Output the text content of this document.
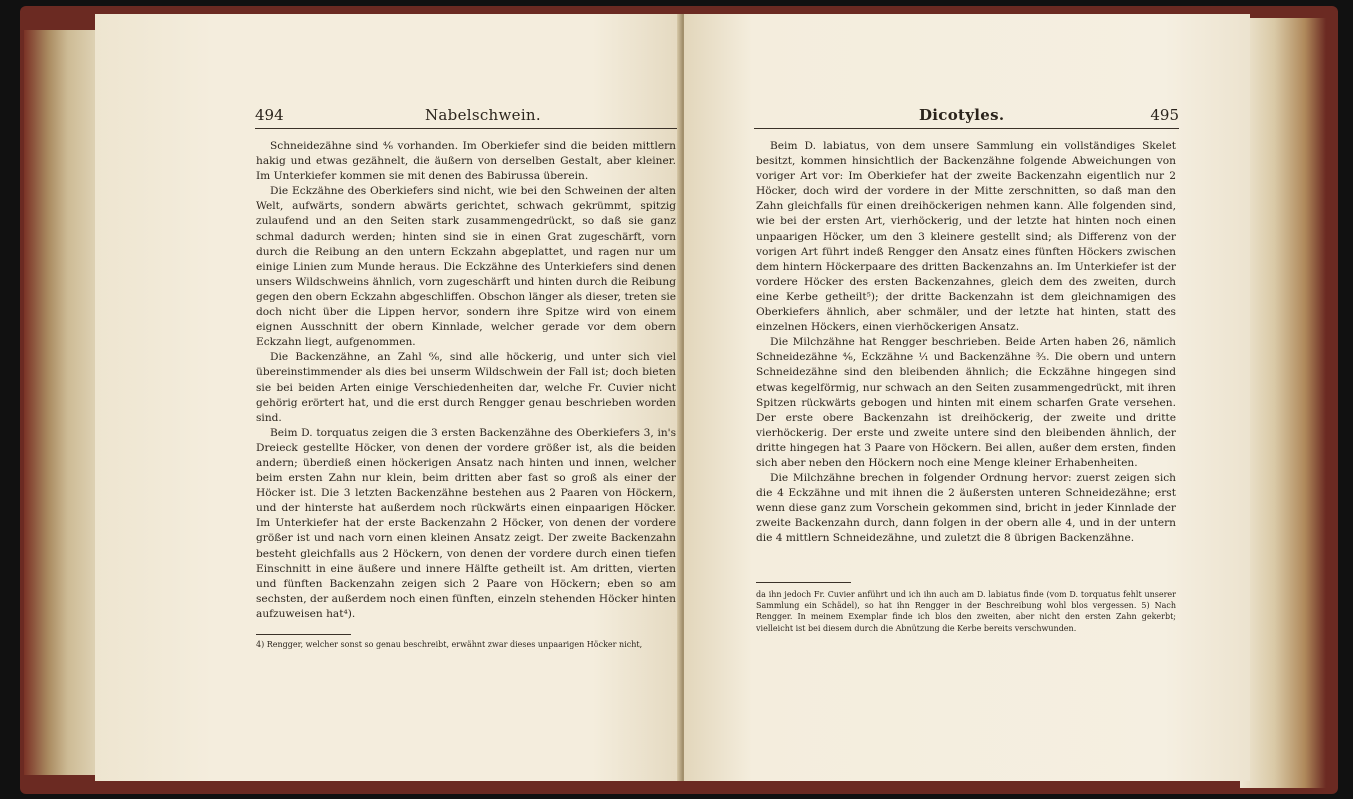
494	Nabelschwein.

Schneidezähne sind ⁴⁄₆ vorhanden. Im Oberkiefer sind die beiden mittlern hakig und etwas gezähnelt, die äußern von derselben Gestalt, aber kleiner. Im Unterkiefer kommen sie mit denen des Babirussa überein.

Die Eckzähne des Oberkiefers sind nicht, wie bei den Schweinen der alten Welt, aufwärts, sondern abwärts gerichtet, schwach gekrümmt, spitzig zulaufend und an den Seiten stark zusammengedrückt, so daß sie ganz schmal dadurch werden; hinten sind sie in einen Grat zugeschärft, vorn durch die Reibung an den untern Eckzahn abgeplattet, und ragen nur um einige Linien zum Munde heraus. Die Eckzähne des Unterkiefers sind denen unsers Wildschweins ähnlich, vorn zugeschärft und hinten durch die Reibung gegen den obern Eckzahn abgeschliffen. Obschon länger als dieser, treten sie doch nicht über die Lippen hervor, sondern ihre Spitze wird von einem eignen Ausschnitt der obern Kinnlade, welcher gerade vor dem obern Eckzahn liegt, aufgenommen.

Die Backenzähne, an Zahl ⁶⁄₆, sind alle höckerig, und unter sich viel übereinstimmender als dies bei unserm Wildschwein der Fall ist; doch bieten sie bei beiden Arten einige Verschiedenheiten dar, welche Fr. Cuvier nicht gehörig erörtert hat, und die erst durch Rengger genau beschrieben worden sind.

Beim D. torquatus zeigen die 3 ersten Backenzähne des Oberkiefers 3, in's Dreieck gestellte Höcker, von denen der vordere größer ist, als die beiden andern; überdieß einen höckerigen Ansatz nach hinten und innen, welcher beim ersten Zahn nur klein, beim dritten aber fast so groß als einer der Höcker ist. Die 3 letzten Backenzähne bestehen aus 2 Paaren von Höckern, und der hinterste hat außerdem noch rückwärts einen einpaarigen Höcker. Im Unterkiefer hat der erste Backenzahn 2 Höcker, von denen der vordere größer ist und nach vorn einen kleinen Ansatz zeigt. Der zweite Backenzahn besteht gleichfalls aus 2 Höckern, von denen der vordere durch einen tiefen Einschnitt in eine äußere und innere Hälfte getheilt ist. Am dritten, vierten und fünften Backenzahn zeigen sich 2 Paare von Höckern; eben so am sechsten, der außerdem noch einen fünften, einzeln stehenden Höcker hinten aufzuweisen hat⁴).

4) Rengger, welcher sonst so genau beschreibt, erwähnt zwar dieses unpaarigen Höcker nicht,
Dicotyles.	495

Beim D. labiatus, von dem unsere Sammlung ein vollständiges Skelet besitzt, kommen hinsichtlich der Backenzähne folgende Abweichungen von voriger Art vor: Im Oberkiefer hat der zweite Backenzahn eigentlich nur 2 Höcker, doch wird der vordere in der Mitte zerschnitten, so daß man den Zahn gleichfalls für einen dreihöckerigen nehmen kann. Alle folgenden sind, wie bei der ersten Art, vierhöckerig, und der letzte hat hinten noch einen unpaarigen Höcker, um den 3 kleinere gestellt sind; als Differenz von der vorigen Art führt indeß Rengger den Ansatz eines fünften Höckers zwischen dem hintern Höckerpaare des dritten Backenzahns an. Im Unterkiefer ist der vordere Höcker des ersten Backenzahnes, gleich dem des zweiten, durch eine Kerbe getheilt⁵); der dritte Backenzahn ist dem gleichnamigen des Oberkiefers ähnlich, aber schmäler, und der letzte hat hinten, statt des einzelnen Höckers, einen vierhöckerigen Ansatz.

Die Milchzähne hat Rengger beschrieben. Beide Arten haben 26, nämlich Schneidezähne ⁴⁄₆, Eckzähne ¹⁄₁ und Backenzähne ³⁄₃. Die obern und untern Schneidezähne sind den bleibenden ähnlich; die Eckzähne hingegen sind etwas kegelförmig, nur schwach an den Seiten zusammengedrückt, mit ihren Spitzen rückwärts gebogen und hinten mit einem scharfen Grate versehen. Der erste obere Backenzahn ist dreihöckerig, der zweite und dritte vierhöckerig. Der erste und zweite untere sind den bleibenden ähnlich, der dritte hingegen hat 3 Paare von Höckern. Bei allen, außer dem ersten, finden sich aber neben den Höckern noch eine Menge kleiner Erhabenheiten.

Die Milchzähne brechen in folgender Ordnung hervor: zuerst zeigen sich die 4 Eckzähne und mit ihnen die 2 äußersten unteren Schneidezähne; erst wenn diese ganz zum Vorschein gekommen sind, bricht in jeder Kinnlade der zweite Backenzahn durch, dann folgen in der obern alle 4, und in der untern die 4 mittlern Schneidezähne, und zuletzt die 8 übrigen Backenzähne.

da ihn jedoch Fr. Cuvier anführt und ich ihn auch am D. labiatus finde (vom D. torquatus fehlt unserer Sammlung ein Schädel), so hat ihn Rengger in der Beschreibung wohl blos vergessen. 5) Nach Rengger. In meinem Exemplar finde ich blos den zweiten, aber nicht den ersten Zahn gekerbt; vielleicht ist bei diesem durch die Abnützung die Kerbe bereits verschwunden.
